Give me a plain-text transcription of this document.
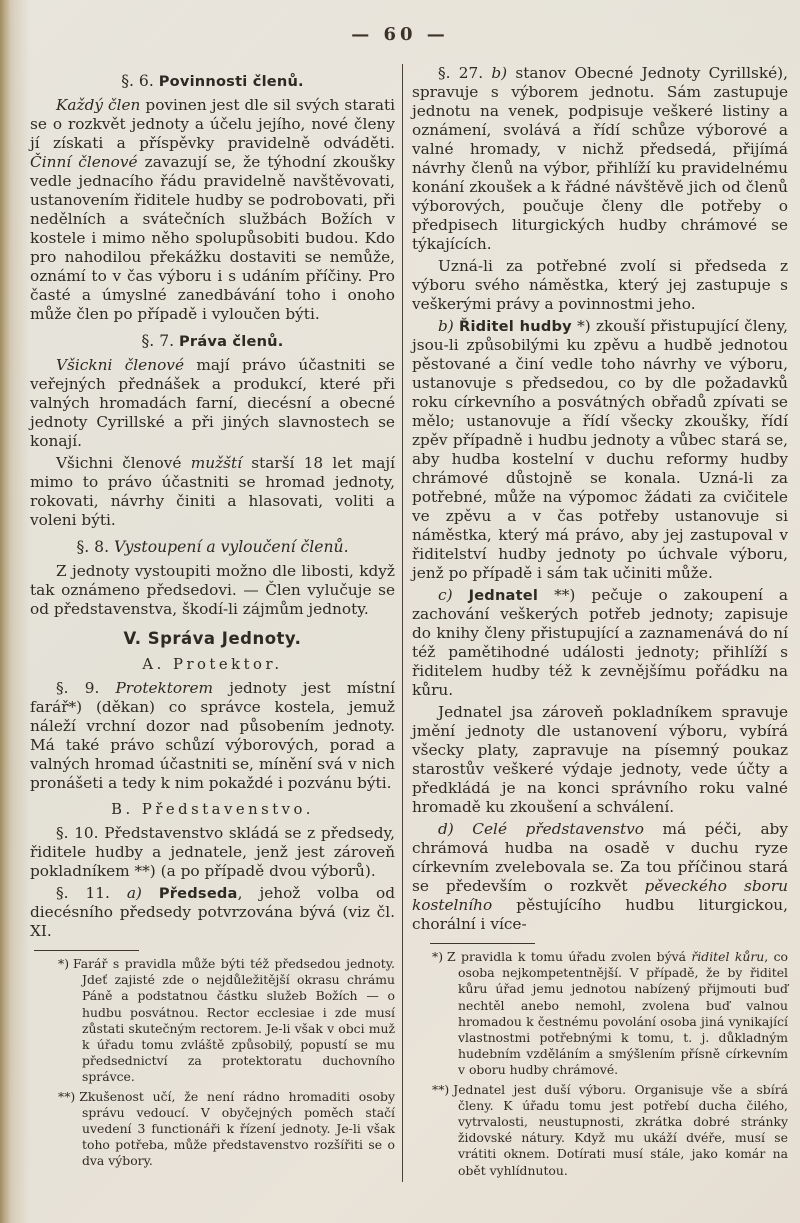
— 60 —
§. 6. Povinnosti členů.

Každý člen povinen jest dle sil svých starati se o rozkvět jednoty a účelu jejího, nové členy jí získati a příspěvky pravidelně odváděti. Činní členové zavazují se, že týhodní zkoušky vedle jednacího řádu pravidelně navštěvovati, ustanovením řiditele hudby se podrobovati, při nedělních a svátečních službách Božích v kostele i mimo něho spolupůsobiti budou. Kdo pro nahodilou překážku dostaviti se nemůže, oznámí to v čas výboru i s udáním příčiny. Pro časté a úmyslné zanedbávání toho i onoho může člen po případě i vyloučen býti.

§. 7. Práva členů.

Všickni členové mají právo účastniti se veřejných přednášek a produkcí, které při valných hromadách farní, diecésní a obecné jednoty Cyrillské a při jiných slavnostech se konají.

Všichni členové mužští starší 18 let mají mimo to právo účastniti se hromad jednoty, rokovati, návrhy činiti a hlasovati, voliti a voleni býti.

§. 8. Vystoupení a vyloučení členů.

Z jednoty vystoupiti možno dle libosti, když tak oznámeno předsedovi. — Člen vylučuje se od představenstva, škodí-li zájmům jednoty.

V. Správa Jednoty.
A. Protektor.

§. 9. Protektorem jednoty jest místní farář*) (děkan) co správce kostela, jemuž náleží vrchní dozor nad působením jednoty. Má také právo schůzí výborových, porad a valných hromad účastniti se, mínění svá v nich pronášeti a tedy k nim pokaždé i pozvánu býti.

B. Představenstvo.

§. 10. Představenstvo skládá se z předsedy, řiditele hudby a jednatele, jenž jest zároveň pokladníkem **) (a po případě dvou výborů).

§. 11. a) Předseda, jehož volba od diecésního předsedy potvrzována bývá (viz čl. XI.

*) Farář s pravidla může býti též předsedou jednoty. Jdeť zajisté zde o nejdůležitější okrasu chrámu Páně a podstatnou částku služeb Božích — o hudbu posvátnou. Rector ecclesiae i zde musí zůstati skutečným rectorem. Je-li však v obci muž k úřadu tomu zvláště způsobilý, popustí se mu předsednictví za protektoratu duchovního správce.

**) Zkušenost učí, že není rádno hromaditi osoby správu vedoucí. V obyčejných poměch stačí uvedení 3 functionáři k řízení jednoty. Je-li však toho potřeba, může představenstvo rozšířiti se o dva výbory.

§. 27. b) stanov Obecné Jednoty Cyrillské), spravuje s výborem jednotu. Sám zastupuje jednotu na venek, podpisuje veškeré listiny a oznámení, svolává a řídí schůze výborové a valné hromady, v nichž předsedá, přijímá návrhy členů na výbor, přihlíží ku pravidelnému konání zkoušek a k řádné návštěvě jich od členů výborových, poučuje členy dle potřeby o předpisech liturgických hudby chrámové se týkajících.

Uzná-li za potřebné zvolí si předseda z výboru svého náměstka, který jej zastupuje s veškerými právy a povinnostmi jeho.

b) Řiditel hudby *) zkouší přistupující členy, jsou-li způsobilými ku zpěvu a hudbě jednotou pěstované a činí vedle toho návrhy ve výboru, ustanovuje s předsedou, co by dle požadavků roku církevního a posvátných obřadů zpívati se mělo; ustanovuje a řídí všecky zkoušky, řídí zpěv případně i hudbu jednoty a vůbec stará se, aby hudba kostelní v duchu reformy hudby chrámové důstojně se konala. Uzná-li za potřebné, může na výpomoc žádati za cvičitele ve zpěvu a v čas potřeby ustanovuje si náměstka, který má právo, aby jej zastupoval v řiditelství hudby jednoty po úchvale výboru, jenž po případě i sám tak učiniti může.

c) Jednatel **) pečuje o zakoupení a zachování veškerých potřeb jednoty; zapisuje do knihy členy přistupující a zaznamenává do ní též pamětihodné události jednoty; přihlíží s řiditelem hudby též k zevnějšímu pořádku na kůru.

Jednatel jsa zároveň pokladníkem spravuje jmění jednoty dle ustanovení výboru, vybírá všecky platy, zapravuje na písemný poukaz starostův veškeré výdaje jednoty, vede účty a předkládá je na konci správního roku valné hromadě ku zkoušení a schválení.

d) Celé představenstvo má péči, aby chrámová hudba na osadě v duchu ryze církevním zvelebovala se. Za tou příčinou stará se především o rozkvět pěveckého sboru kostelního pěstujícího hudbu liturgickou, chorální i více-

*) Z pravidla k tomu úřadu zvolen bývá řiditel kůru, co osoba nejkompetentnější. V případě, že by řiditel kůru úřad jemu jednotou nabízený přijmouti buď nechtěl anebo nemohl, zvolena buď valnou hromadou k čestnému povolání osoba jiná vynikající vlastnostmi potřebnými k tomu, t. j. důkladným hudebním vzděláním a smýšlením přísně církevním v oboru hudby chrámové.

**) Jednatel jest duší výboru. Organisuje vše a sbírá členy. K úřadu tomu jest potřebí ducha čilého, vytrvalosti, neustupnosti, zkrátka dobré stránky židovské nátury. Když mu ukáží dvéře, musí se vrátiti oknem. Dotírati musí stále, jako komár na obět vyhlídnutou.
